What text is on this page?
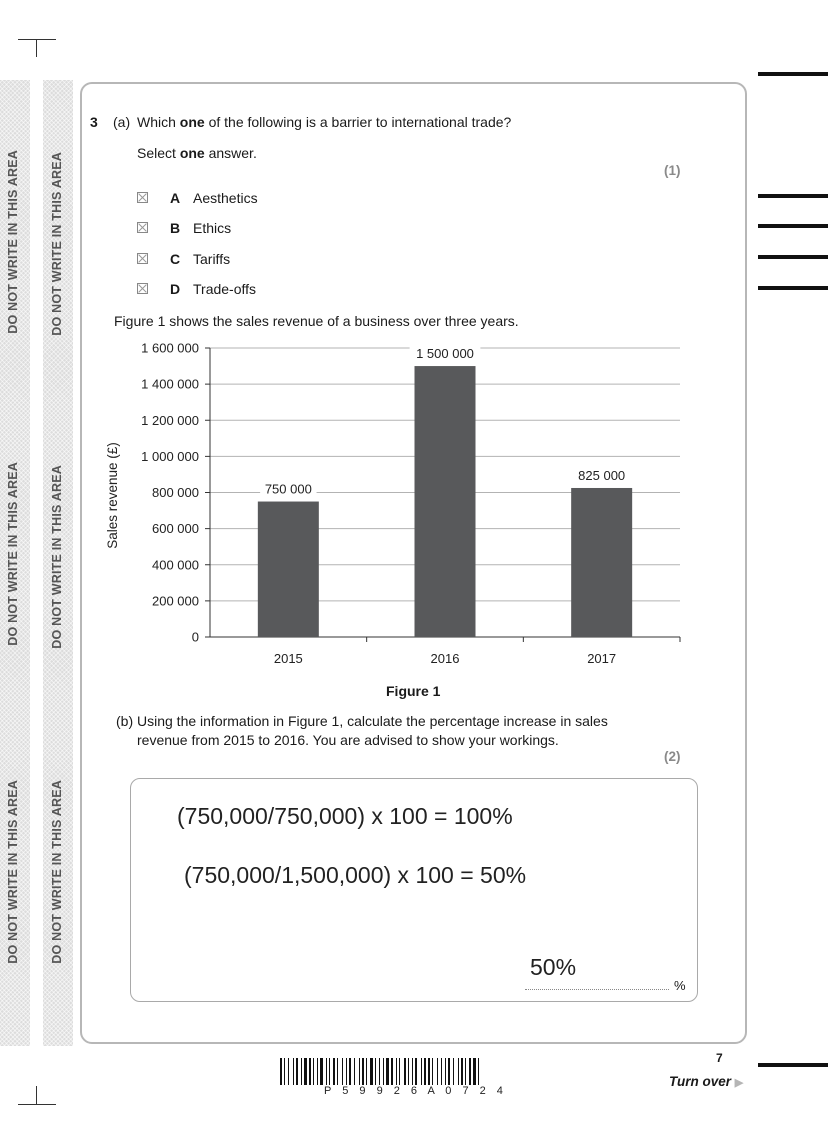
DO NOT WRITE IN THIS AREA
DO NOT WRITE IN THIS AREA
DO NOT WRITE IN THIS AREA
DO NOT WRITE IN THIS AREA
DO NOT WRITE IN THIS AREA
DO NOT WRITE IN THIS AREA
3 (a) Which one of the following is a barrier to international trade?
Select one answer.
(1)
A Aesthetics
B Ethics
C Tariffs
D Trade-offs
Figure 1 shows the sales revenue of a business over three years.
0
200 000
400 000
600 000
800 000
1 000 000
1 200 000
1 400 000
1 600 000
2015
750 000
2016
1 500 000
2017
825 000
Sales revenue (£)
Figure 1
(b) Using the information in Figure 1, calculate the percentage increase in sales
revenue from 2015 to 2016. You are advised to show your workings.
(2)
(750,000/750,000) x 100 = 100%
(750,000/1,500,000) x 100 = 50%
50%
%
P 5 9 9 2 6 A 0 7 2 4
7
Turn over ▶
